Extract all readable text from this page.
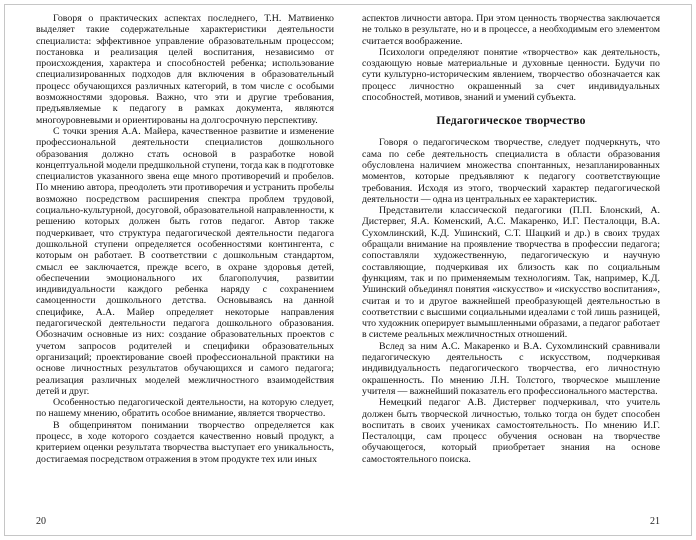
Говоря о практических аспектах последнего, Т.Н. Матвиенко выделяет такие содержательные характеристики деятельности специалиста: эффективное управление образовательным процессом; постановка и реализация целей воспитания, независимо от происхождения, характера и способностей ребенка; использование специализированных подходов для включения в образовательный процесс обучающихся различных категорий, в том числе с особыми возможностями здоровья. Важно, что эти и другие требования, предъявляемые к педагогу в рамках документа, являются многоуровневыми и ориентированы на долгосрочную перспективу.

С точки зрения А.А. Майера, качественное развитие и изменение профессиональной деятельности специалистов дошкольного образования должно стать основой в разработке новой концептуальной модели предшкольной ступени, тогда как в подготовке специалистов указанного звена еще много противоречий и пробелов. По мнению автора, преодолеть эти противоречия и устранить пробелы возможно посредством расширения спектра проблем трудовой, социально-культурной, досуговой, образовательной направленности, к решению которых должен быть готов педагог. Автор также подчеркивает, что структура педагогической деятельности педагога дошкольной ступени определяется особенностями контингента, с которым он работает. В соответствии с дошкольным стандартом, смысл ее заключается, прежде всего, в охране здоровья детей, обеспечении эмоционального их благополучия, развитии индивидуальности каждого ребенка наряду с сохранением самоценности дошкольного детства. Основываясь на данной специфике, А.А. Майер определяет некоторые направления педагогической деятельности педагога дошкольного образования. Обозначим основные из них: создание образовательных проектов с учетом запросов родителей и специфики образовательных организаций; проектирование своей профессиональной практики на основе личностных результатов обучающихся и самого педагога; реализация различных моделей межличностного взаимодействия детей и друг.

Особенностью педагогической деятельности, на которую следует, по нашему мнению, обратить особое внимание, является творчество.

В общепринятом понимании творчество определяется как процесс, в ходе которого создается качественно новый продукт, а критерием оценки результата творчества выступает его уникальность, достигаемая посредством отражения в этом продукте тех или иных

20

аспектов личности автора. При этом ценность творчества заключается не только в результате, но и в процессе, а необходимым его элементом считается воображение.

Психологи определяют понятие «творчество» как деятельность, создающую новые материальные и духовные ценности. Будучи по сути культурно-историческим явлением, творчество обозначается как процесс личностно окрашенный за счет индивидуальных способностей, мотивов, знаний и умений субъекта.

Педагогическое творчество

Говоря о педагогическом творчестве, следует подчеркнуть, что сама по себе деятельность специалиста в области образования обусловлена наличием множества спонтанных, незапланированных моментов, которые предъявляют к педагогу соответствующие требования. Исходя из этого, творческий характер педагогической деятельности — одна из центральных ее характеристик.

Представители классической педагогики (П.П. Блонский, А. Дистервег, Я.А. Коменский, А.С. Макаренко, И.Г. Песталоцци, В.А. Сухомлинский, К.Д. Ушинский, С.Т. Шацкий и др.) в своих трудах обращали внимание на проявление творчества в профессии педагога; сопоставляли художественную, педагогическую и научную составляющие, подчеркивая их близость как по социальным функциям, так и по применяемым технологиям. Так, например, К.Д. Ушинский объединял понятия «искусство» и «искусство воспитания», считая и то и другое важнейшей преобразующей деятельностью в соответствии с высшими социальными идеалами с той лишь разницей, что художник оперирует вымышленными образами, а педагог работает в системе реальных межличностных отношений.

Вслед за ним А.С. Макаренко и В.А. Сухомлинский сравнивали педагогическую деятельность с искусством, подчеркивая индивидуальность педагогического творчества, его личностную окрашенность. По мнению Л.Н. Толстого, творческое мышление учителя — важнейший показатель его профессионального мастерства.

Немецкий педагог А.В. Дистервег подчеркивал, что учитель должен быть творческой личностью, только тогда он будет способен воспитать в своих учениках самостоятельность. По мнению И.Г. Песталоцци, сам процесс обучения основан на творчестве обучающегося, который приобретает знания на основе самостоятельного поиска.

21
